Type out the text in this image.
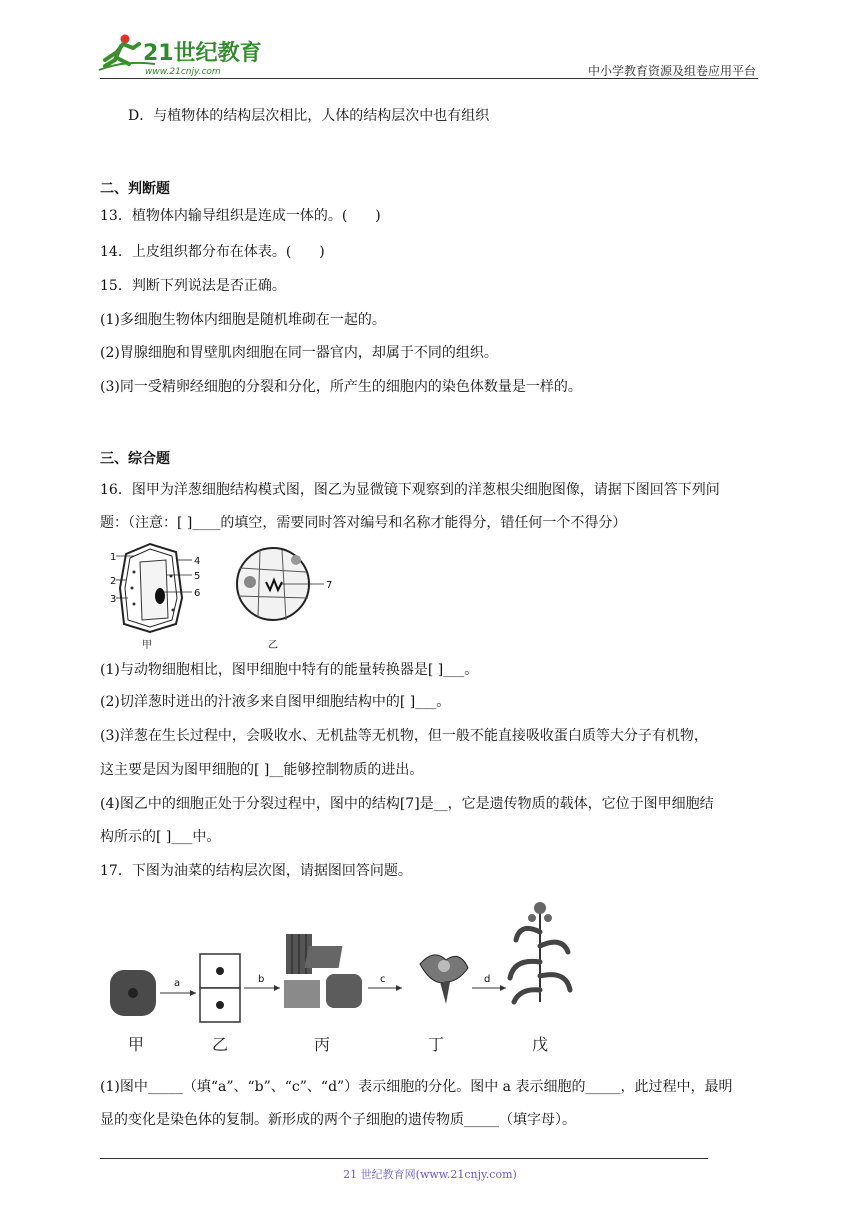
21世纪教育
www.21cnjy.com	中小学教育资源及组卷应用平台
D．与植物体的结构层次相比，人体的结构层次中也有组织
二、判断题
13．植物体内输导组织是连成一体的。(　　)
14．上皮组织都分布在体表。(　　)
15．判断下列说法是否正确。
(1)多细胞生物体内细胞是随机堆砌在一起的。
(2)胃腺细胞和胃壁肌肉细胞在同一器官内，却属于不同的组织。
(3)同一受精卵经细胞的分裂和分化，所产生的细胞内的染色体数量是一样的。
三、综合题
16．图甲为洋葱细胞结构模式图，图乙为显微镜下观察到的洋葱根尖细胞图像，请据下图回答下列问
题：（注意：[ ]____的填空，需要同时答对编号和名称才能得分，错任何一个不得分）
1
2
3
4
5
6
甲
7
乙
(1)与动物细胞相比，图甲细胞中特有的能量转换器是[ ]___。
(2)切洋葱时迸出的汁液多来自图甲细胞结构中的[ ]___。
(3)洋葱在生长过程中，会吸收水、无机盐等无机物，但一般不能直接吸收蛋白质等大分子有机物，
这主要是因为图甲细胞的[ ]__能够控制物质的进出。
(4)图乙中的细胞正处于分裂过程中，图中的结构[7]是__，它是遗传物质的载体，它位于图甲细胞结
构所示的[ ]___中。
17．下图为油菜的结构层次图，请据图回答问题。
a	b	c	d
甲	乙	丙	丁	戊
(1)图中_____（填“a”、“b”、“c”、“d”）表示细胞的分化。图中 a 表示细胞的_____，此过程中，最明
显的变化是染色体的复制。新形成的两个子细胞的遗传物质_____（填字母）。
21 世纪教育网(www.21cnjy.com)
